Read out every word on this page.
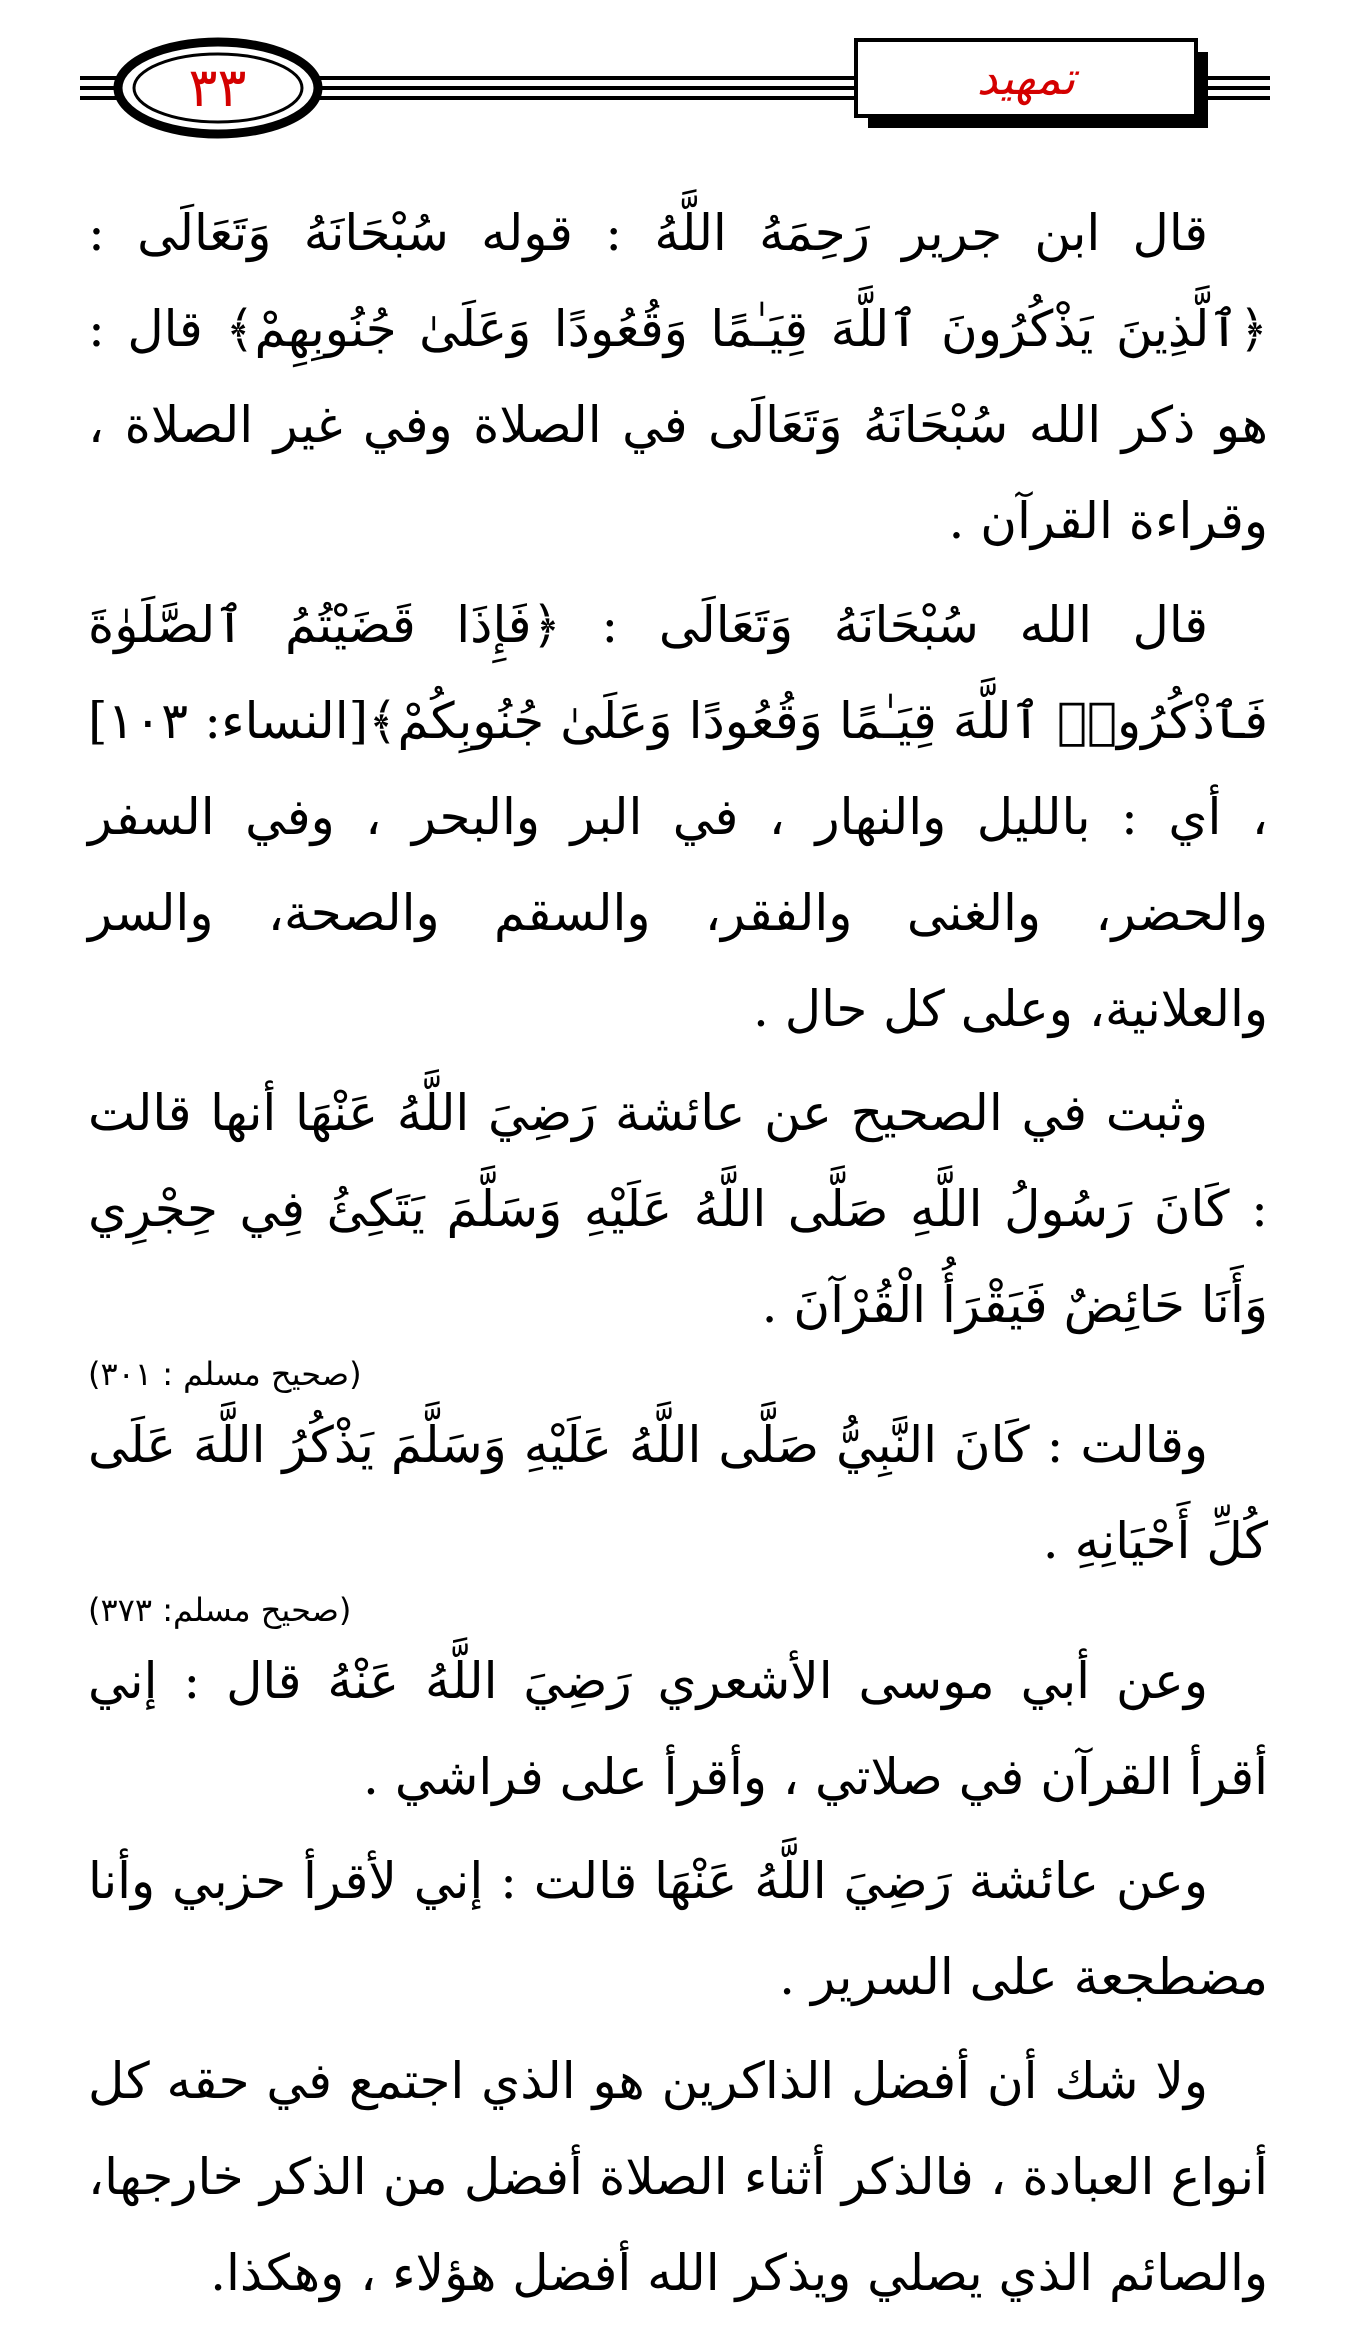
٣٣	تمهيد

قال ابن جرير رَحِمَهُ اللَّهُ : قوله سُبْحَانَهُ وَتَعَالَى : ﴿ٱلَّذِينَ يَذْكُرُونَ ٱللَّهَ قِيَـٰمًا وَقُعُودًا وَعَلَىٰ جُنُوبِهِمْ﴾ قال : هو ذكر الله سُبْحَانَهُ وَتَعَالَى في الصلاة وفي غير الصلاة ، وقراءة القرآن .

قال الله سُبْحَانَهُ وَتَعَالَى : ﴿فَإِذَا قَضَيْتُمُ ٱلصَّلَوٰةَ فَٱذْكُرُوا۟ ٱللَّهَ قِيَـٰمًا وَقُعُودًا وَعَلَىٰ جُنُوبِكُمْ﴾[النساء: ١٠٣] ، أي : بالليل والنهار ، في البر والبحر ، وفي السفر والحضر، والغنى والفقر، والسقم والصحة، والسر والعلانية، وعلى كل حال .

وثبت في الصحيح عن عائشة رَضِيَ اللَّهُ عَنْهَا أنها قالت : كَانَ رَسُولُ اللَّهِ صَلَّى اللَّهُ عَلَيْهِ وَسَلَّمَ يَتَكِئُ فِي حِجْرِي وَأَنَا حَائِضٌ فَيَقْرَأُ الْقُرْآنَ .

(صحيح مسلم : ٣٠١)

وقالت : كَانَ النَّبِيُّ صَلَّى اللَّهُ عَلَيْهِ وَسَلَّمَ يَذْكُرُ اللَّهَ عَلَى كُلِّ أَحْيَانِهِ .

(صحيح مسلم: ٣٧٣)

وعن أبي موسى الأشعري رَضِيَ اللَّهُ عَنْهُ قال : إني أقرأ القرآن في صلاتي ، وأقرأ على فراشي .

وعن عائشة رَضِيَ اللَّهُ عَنْهَا قالت : إني لأقرأ حزبي وأنا مضطجعة على السرير .

ولا شك أن أفضل الذاكرين هو الذي اجتمع في حقه كل أنواع العبادة ، فالذكر أثناء الصلاة أفضل من الذكر خارجها، والصائم الذي يصلي ويذكر الله أفضل هؤلاء ، وهكذا.
